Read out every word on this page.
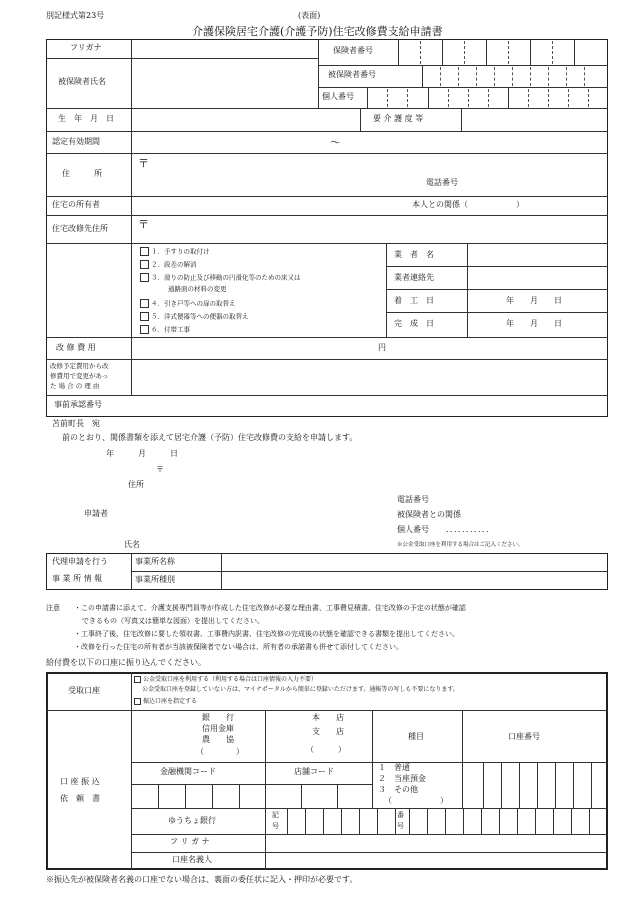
別記様式第23号	(表面)
介護保険居宅介護(介護予防)住宅改修費支給申請書
フリガナ
被保険者氏名
保険者番号
被保険者番号
個人番号
生　年　月　日	要 介 護 度 等
認定有効期間	～
住　　　所
〒
電話番号
住宅の所有者	本人との関係（　　　　　　）
住宅改修先住所	〒
１．手すりの取付け
２．段差の解消
３．滑りの防止及び移動の円滑化等のための床又は
通路面の材料の変更
４．引き戸等への扉の取替え
５．洋式便器等への便器の取替え
６．付帯工事
業　者　名
業者連絡先
着　工　日	年　　月　　日
完　成　日	年　　月　　日
改 修 費 用	円
改修予定費用から改
修費用で変更があっ
た 場 合 の 理 由
事前承認番号
苫前町長　宛
前のとおり、関係書類を添えて居宅介護（予防）住宅改修費の支給を申請します。
年　　　月　　　日
〒
住所
申請者
氏名
電話番号
被保険者との関係
個人番号 ．．．．．．．．．．．
※公金受取口座を利用する場合はご記入ください。
代理申請を行う
事 業 所 情 報
事業所名称
事業所種別
注意 ・この申請書に添えて、介護支援専門員等が作成した住宅改修が必要な理由書、工事費見積書、住宅改修の予定の状態が確認
できるもの（写真又は簡単な図面）を提出してください。
・工事終了後、住宅改修に要した領収書、工事費内訳書、住宅改修の完成後の状態を確認できる書類を提出してください。
・改修を行った住宅の所有者が当該被保険者でない場合は、所有者の承諾書も併せて添付してください。
給付費を以下の口座に振り込んでください。
受取口座
公金受取口座を利用する（利用する場合は口座情報の入力不要）
公金受取口座を登録していない方は、マイナポータルから簡単に登録いただけます。通帳等の写しも不要になります。
振込口座を指定する
口 座 振 込
依　頼　書
銀　　行
信用金庫
農　　協
（　　　　）
本　　店
支　　店
（　　　）
種目	口座番号
金融機関コード	店舗コード	１　普通
２　当座預金
３　その他
（　　　　　　）
ゆうちょ銀行
記
号
番
号
フ リ ガ ナ
口座名義人
※振込先が被保険者名義の口座でない場合は、裏面の委任状に記入・押印が必要です。
